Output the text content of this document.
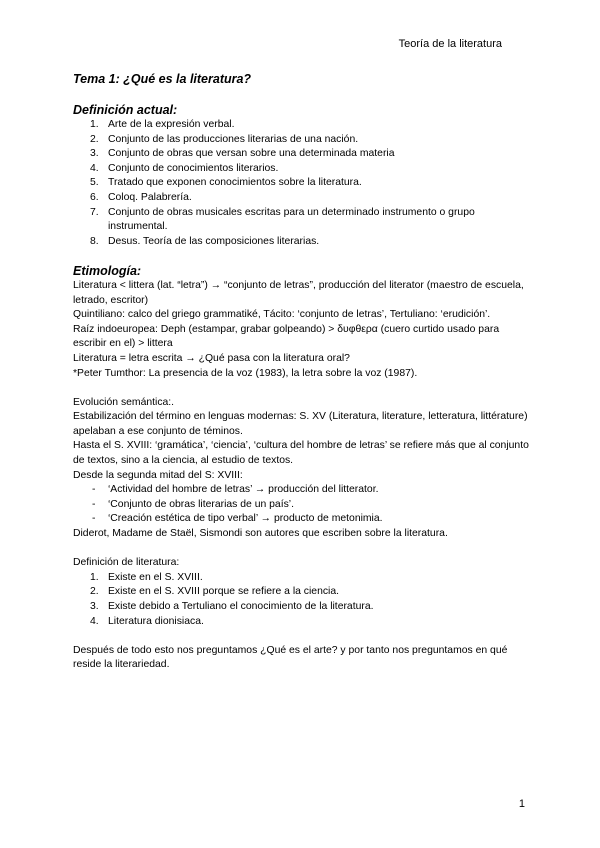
Teoría de la literatura

Tema 1: ¿Qué es la literatura?

Definición actual:

1. Arte de la expresión verbal.
2. Conjunto de las producciones literarias de una nación.
3. Conjunto de obras que versan sobre una determinada materia
4. Conjunto de conocimientos literarios.
5. Tratado que exponen conocimientos sobre la literatura.
6. Coloq. Palabrería.
7. Conjunto de obras musicales escritas para un determinado instrumento o grupo instrumental.
8. Desus. Teoría de las composiciones literarias.

Etimología:

Literatura < littera (lat. “letra”) → “conjunto de letras”, producción del literator (maestro de escuela, letrado, escritor)

Quintiliano: calco del griego grammatiké, Tácito: ‘conjunto de letras’, Tertuliano: ‘erudición’.

Raíz indoeuropea: Deph (estampar, grabar golpeando) > δυφθερα (cuero curtido usado para escribir en el) > littera

Literatura = letra escrita → ¿Qué pasa con la literatura oral?

*Peter Tumthor: La presencia de la voz (1983), la letra sobre la voz (1987).

Evolución semántica:.

Estabilización del término en lenguas modernas: S. XV (Literatura, literature, letteratura, littérature) apelaban a ese conjunto de téminos.

Hasta el S. XVIII: ‘gramática’, ‘ciencia’, ‘cultura del hombre de letras’ se refiere más que al conjunto de textos, sino a la ciencia, al estudio de textos.

Desde la segunda mitad del S: XVIII:

- ‘Actividad del hombre de letras’ → producción del litterator.
- ‘Conjunto de obras literarias de un país’.
- ‘Creación estética de tipo verbal’ → producto de metonimia.

Diderot, Madame de Staël, Sismondi son autores que escriben sobre la literatura.

Definición de literatura:

1. Existe en el S. XVIII.
2. Existe en el S. XVIII porque se refiere a la ciencia.
3. Existe debido a Tertuliano el conocimiento de la literatura.
4. Literatura dionisiaca.

Después de todo esto nos preguntamos ¿Qué es el arte? y por tanto nos preguntamos en qué reside la literariedad.

1
